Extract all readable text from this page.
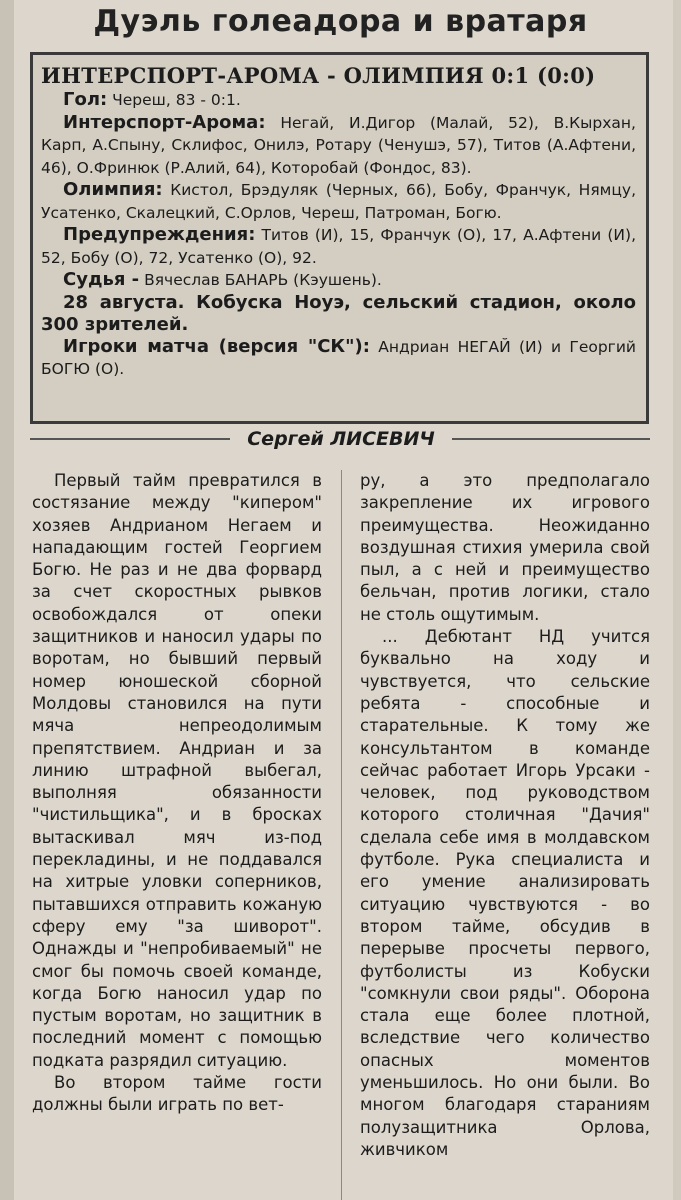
Дуэль голеадора и вратаря

ИНТЕРСПОРТ-АРОМА - ОЛИМПИЯ 0:1 (0:0)

Гол: Череш, 83 - 0:1.

Интерспорт-Арома: Негай, И.Дигор (Малай, 52), В.Кырхан, Карп, А.Спыну, Склифос, Онилэ, Ротару (Ченушэ, 57), Титов (А.Афтени, 46), О.Фринюк (Р.Алий, 64), Которобай (Фондос, 83).

Олимпия: Кистол, Брэдуляк (Черных, 66), Бобу, Франчук, Нямцу, Усатенко, Скалецкий, С.Орлов, Череш, Патроман, Богю.

Предупреждения: Титов (И), 15, Франчук (О), 17, А.Афтени (И), 52, Бобу (О), 72, Усатенко (О), 92.

Судья - Вячеслав БАНАРЬ (Кэушень).

28 августа. Кобуска Ноуэ, сельский стадион, около 300 зрителей.

Игроки матча (версия "СК"): Андриан НЕГАЙ (И) и Георгий БОГЮ (О).

Сергей ЛИСЕВИЧ

Первый тайм превратился в состязание между "кипером" хозяев Андрианом Негаем и нападающим гостей Георгием Богю. Не раз и не два форвард за счет скоростных рывков освобождался от опеки защитников и наносил удары по воротам, но бывший первый номер юношеской сборной Молдовы становился на пути мяча непреодолимым препятствием. Андриан и за линию штрафной выбегал, выполняя обязанности "чистильщика", и в бросках вытаскивал мяч из-под перекладины, и не поддавался на хитрые уловки соперников, пытавшихся отправить кожаную сферу ему "за шиворот". Однажды и "непробиваемый" не смог бы помочь своей команде, когда Богю наносил удар по пустым воротам, но защитник в последний момент с помощью подката разрядил ситуацию.

Во втором тайме гости должны были играть по вет-

ру, а это предполагало закрепление их игрового преимущества. Неожиданно воздушная стихия умерила свой пыл, а с ней и преимущество бельчан, против логики, стало не столь ощутимым.

... Дебютант НД учится буквально на ходу и чувствуется, что сельские ребята - способные и старательные. К тому же консультантом в команде сейчас работает Игорь Урсаки - человек, под руководством которого столичная "Дачия" сделала себе имя в молдавском футболе. Рука специалиста и его умение анализировать ситуацию чувствуются - во втором тайме, обсудив в перерыве просчеты первого, футболисты из Кобуски "сомкнули свои ряды". Оборона стала еще более плотной, вследствие чего количество опасных моментов уменьшилось. Но они были. Во многом благодаря стараниям полузащитника Орлова, живчиком
